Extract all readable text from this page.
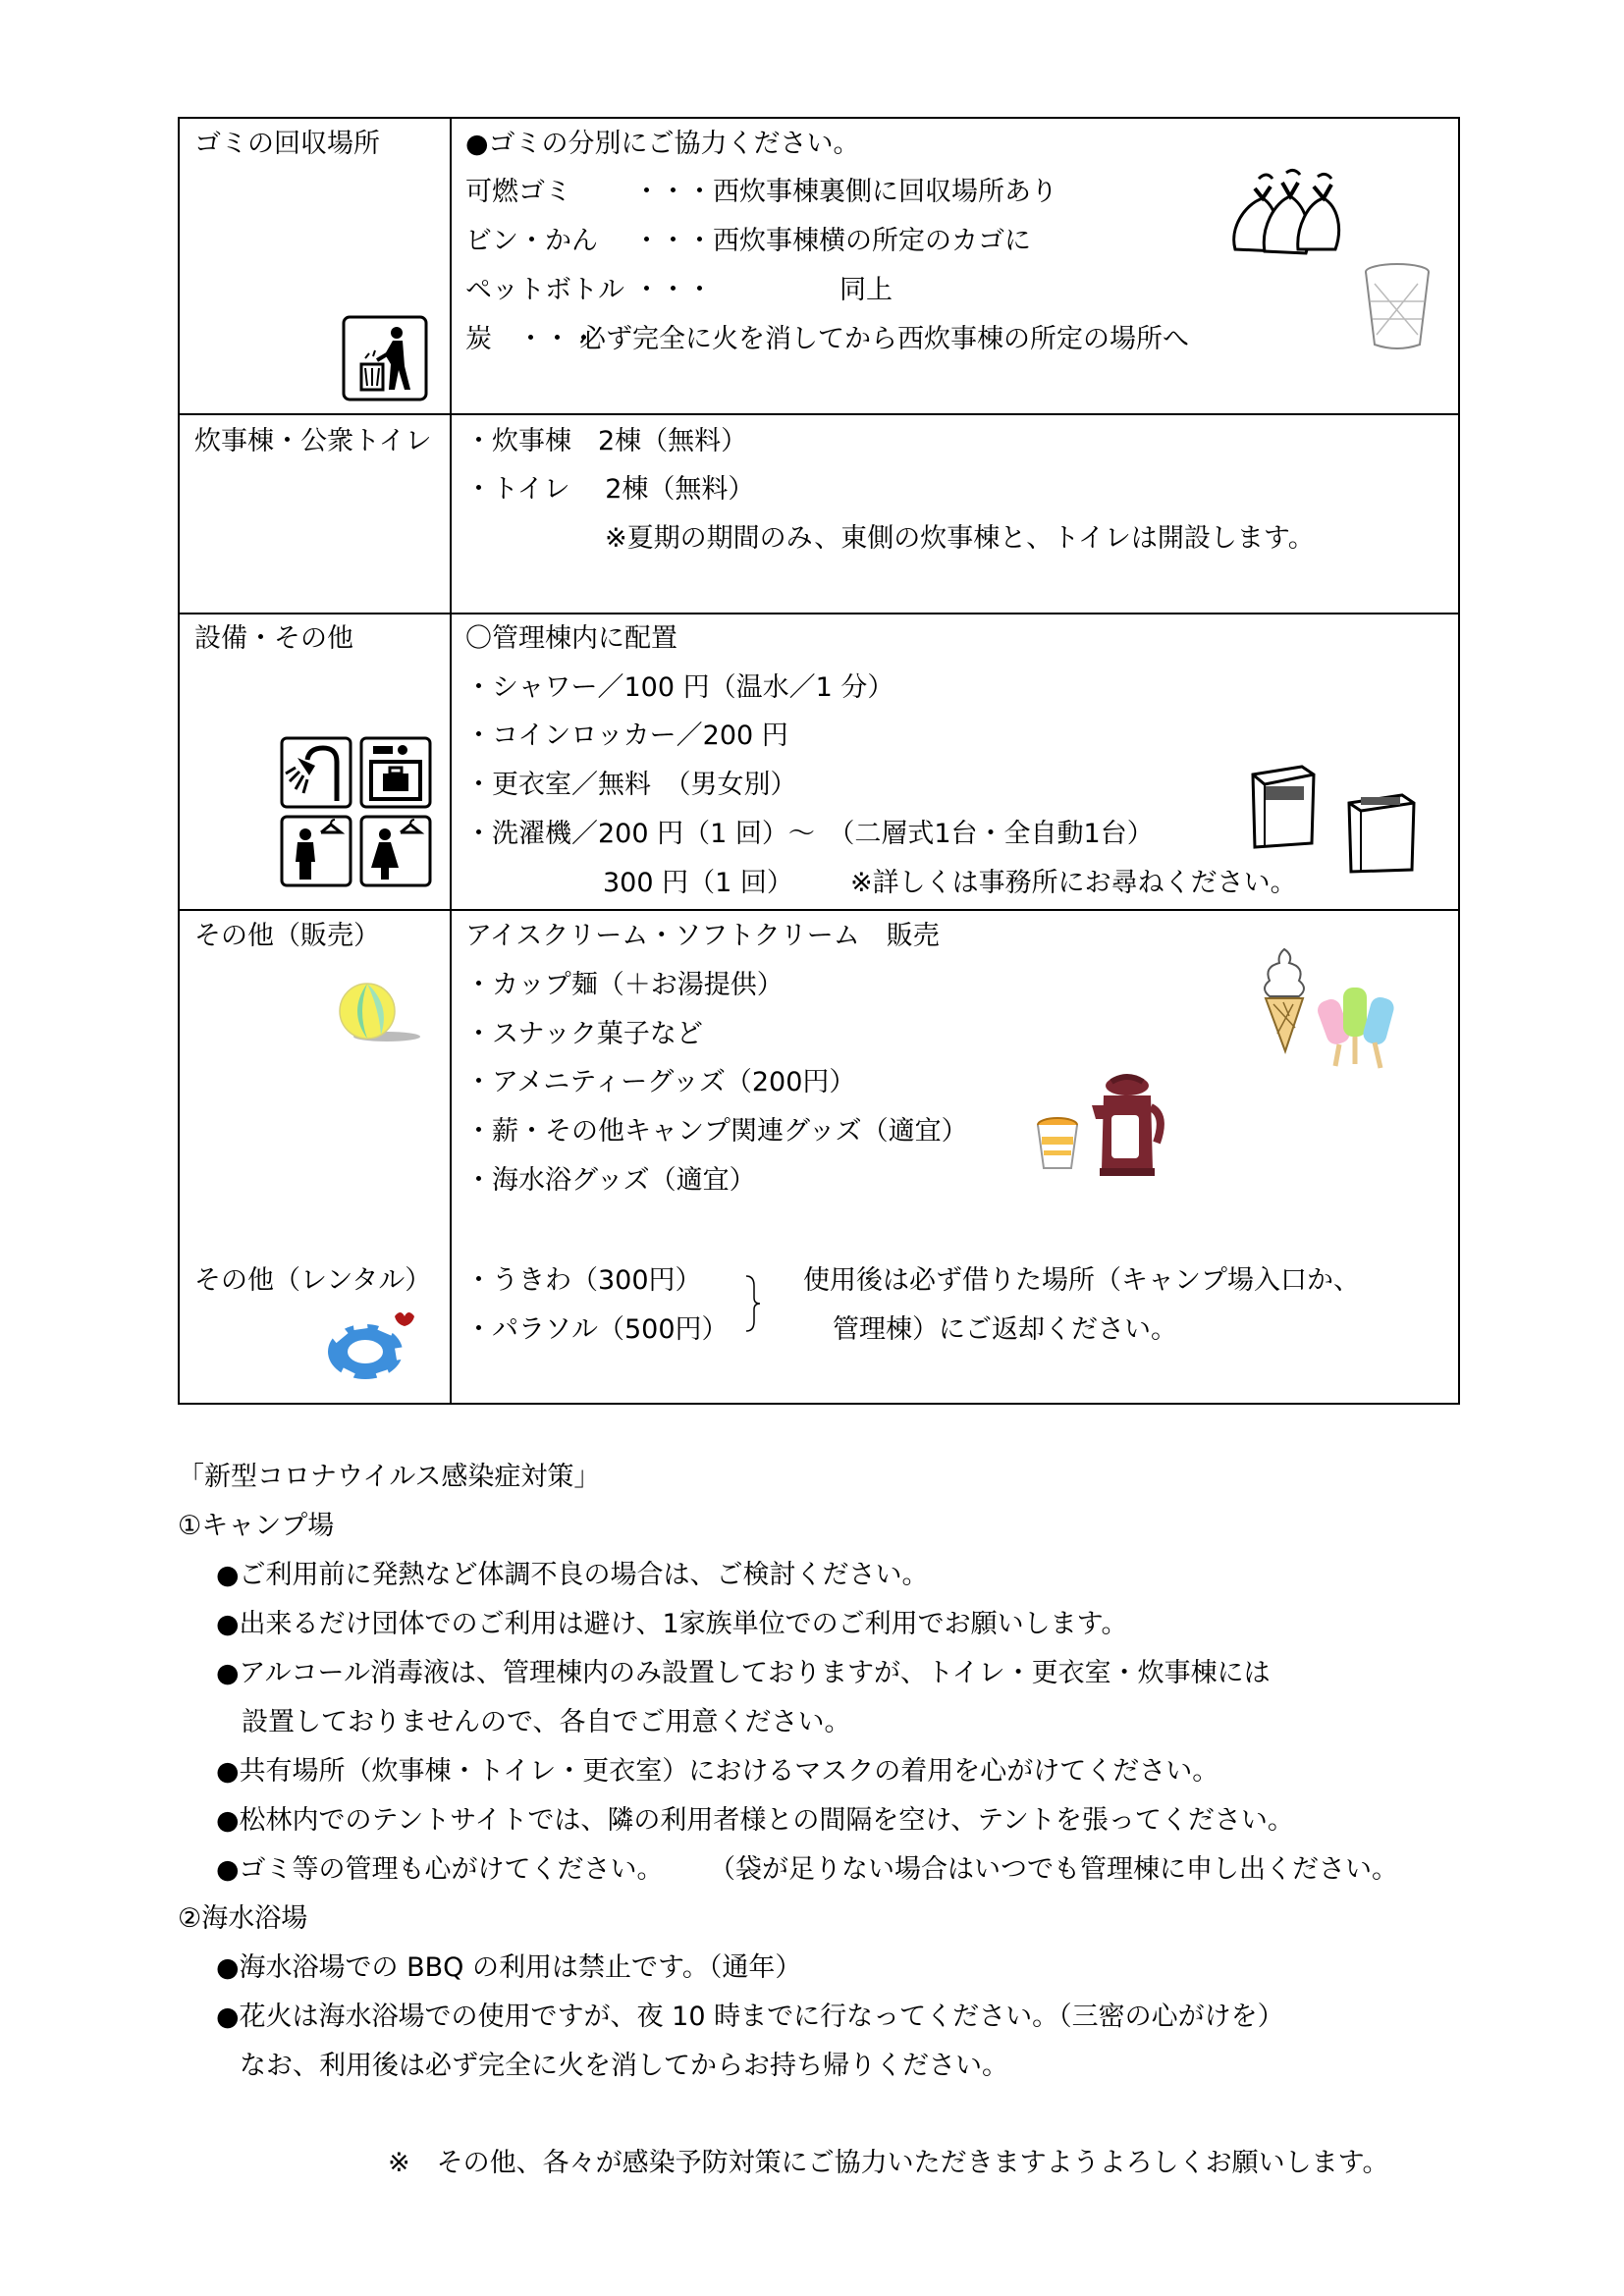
ゴミの回収場所	●ゴミの分別にご協力ください。
可燃ゴミ ・・・西炊事棟裏側に回収場所あり
ビン・かん ・・・西炊事棟横の所定のカゴに
ペットボトル ・・・	同上
炭 ・・・
必ず完全に火を消してから西炊事棟の所定の場所へ
炊事棟・公衆トイレ ・炊事棟　2棟（無料）
・トイレ　 2棟（無料）
※夏期の期間のみ、東側の炊事棟と、トイレは開設します。
設備・その他	〇管理棟内に配置
・シャワー／100 円（温水／1 分）
・コインロッカー／200 円
・更衣室／無料　（男女別）
・洗濯機／200 円（1 回）～　（二層式1台・全自動1台）
300 円（1 回） ※詳しくは事務所にお尋ねください。
その他（販売）	アイスクリーム・ソフトクリーム　販売
・カップ麺（＋お湯提供）
・スナック菓子など
・アメニティーグッズ（200円）
・薪・その他キャンプ関連グッズ（適宜）
・海水浴グッズ（適宜）
その他（レンタル） ・うきわ（300円）
・パラソル（500円）
使用後は必ず借りた場所（キャンプ場入口か、
管理棟）にご返却ください。
「新型コロナウイルス感染症対策」
①キャンプ場
●ご利用前に発熱など体調不良の場合は、ご検討ください。
●出来るだけ団体でのご利用は避け、1家族単位でのご利用でお願いします。
●アルコール消毒液は、管理棟内のみ設置しておりますが、トイレ・更衣室・炊事棟には
設置しておりませんので、各自でご用意ください。
●共有場所（炊事棟・トイレ・更衣室）におけるマスクの着用を心がけてください。
●松林内でのテントサイトでは、隣の利用者様との間隔を空け、テントを張ってください。
●ゴミ等の管理も心がけてください。 （袋が足りない場合はいつでも管理棟に申し出ください。
②海水浴場
●海水浴場での BBQ の利用は禁止です。（通年）
●花火は海水浴場での使用ですが、夜 10 時までに行なってください。（三密の心がけを）
なお、利用後は必ず完全に火を消してからお持ち帰りください。
※　その他、各々が感染予防対策にご協力いただきますようよろしくお願いします。
